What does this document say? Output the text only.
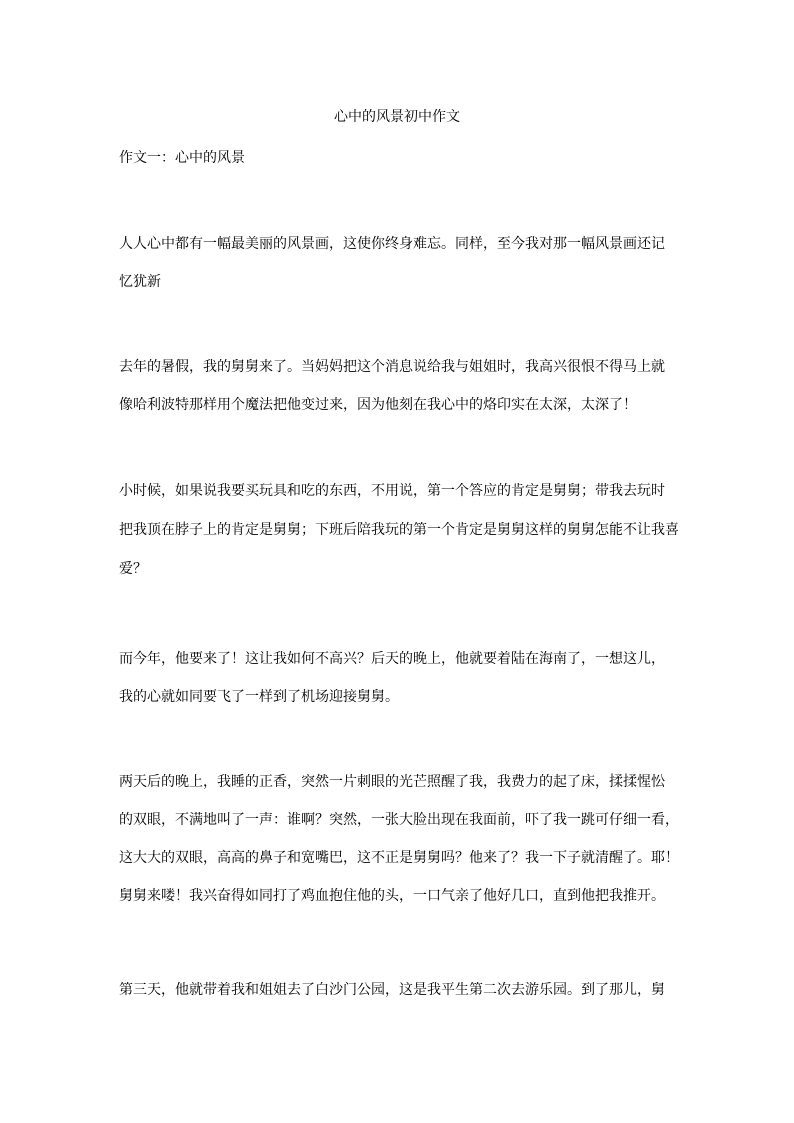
心中的风景初中作文
作文一：心中的风景
人人心中都有一幅最美丽的风景画，这使你终身难忘。同样，至今我对那一幅风景画还记
忆犹新
去年的暑假，我的舅舅来了。当妈妈把这个消息说给我与姐姐时，我高兴很恨不得马上就
像哈利波特那样用个魔法把他变过来，因为他刻在我心中的烙印实在太深，太深了！
小时候，如果说我要买玩具和吃的东西，不用说，第一个答应的肯定是舅舅；带我去玩时
把我顶在脖子上的肯定是舅舅；下班后陪我玩的第一个肯定是舅舅这样的舅舅怎能不让我喜
爱？
而今年，他要来了！这让我如何不高兴？后天的晚上，他就要着陆在海南了，一想这儿，
我的心就如同要飞了一样到了机场迎接舅舅。
两天后的晚上，我睡的正香，突然一片刺眼的光芒照醒了我，我费力的起了床，揉揉惺忪
的双眼，不满地叫了一声：谁啊？突然，一张大脸出现在我面前，吓了我一跳可仔细一看，
这大大的双眼，高高的鼻子和宽嘴巴，这不正是舅舅吗？他来了？我一下子就清醒了。耶！
舅舅来喽！我兴奋得如同打了鸡血抱住他的头，一口气亲了他好几口，直到他把我推开。
第三天，他就带着我和姐姐去了白沙门公园，这是我平生第二次去游乐园。到了那儿，舅
